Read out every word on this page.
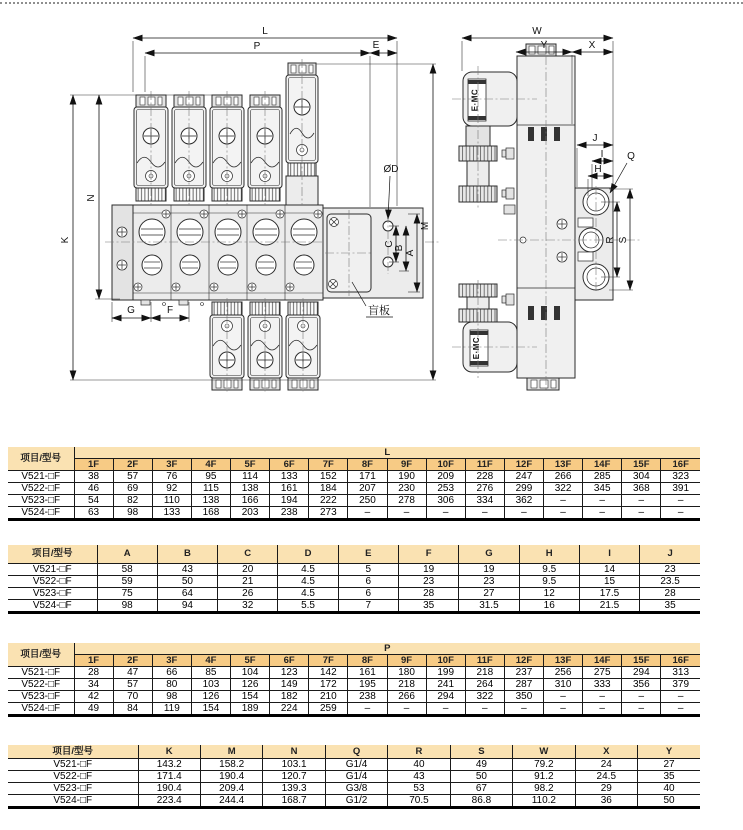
L
P	E
M
K
N
G	F
C
B
A
ØD
盲板
E·MC
E·MC
W
Y	X
J
I
H
Q
R S
项目/型号	L															
	1F	2F	3F	4F	5F	6F	7F	8F	9F	10F	11F	12F	13F	14F	15F	16F
V521-□F	38	57	76	95	114	133	152	171	190	209	228	247	266	285	304	323
V522-□F	46	69	92	115	138	161	184	207	230	253	276	299	322	345	368	391
V523-□F	54	82	110	138	166	194	222	250	278	306	334	362	–	–	–	–
V524-□F	63	98	133	168	203	238	273	–	–	–	–	–	–	–	–	–
项目/型号	A	B	C	D	E	F	G	H	I	J
V521-□F	58	43	20	4.5	5	19	19	9.5	14	23
V522-□F	59	50	21	4.5	6	23	23	9.5	15	23.5
V523-□F	75	64	26	4.5	6	28	27	12	17.5	28
V524-□F	98	94	32	5.5	7	35	31.5	16	21.5	35
项目/型号	P															
	1F	2F	3F	4F	5F	6F	7F	8F	9F	10F	11F	12F	13F	14F	15F	16F
V521-□F	28	47	66	85	104	123	142	161	180	199	218	237	256	275	294	313
V522-□F	34	57	80	103	126	149	172	195	218	241	264	287	310	333	356	379
V523-□F	42	70	98	126	154	182	210	238	266	294	322	350	–	–	–	–
V524-□F	49	84	119	154	189	224	259	–	–	–	–	–	–	–	–	–
项目/型号	K	M	N	Q	R	S	W	X	Y
V521-□F	143.2	158.2	103.1	G1/4	40	49	79.2	24	27
V522-□F	171.4	190.4	120.7	G1/4	43	50	91.2	24.5	35
V523-□F	190.4	209.4	139.3	G3/8	53	67	98.2	29	40
V524-□F	223.4	244.4	168.7	G1/2	70.5	86.8	110.2	36	50
